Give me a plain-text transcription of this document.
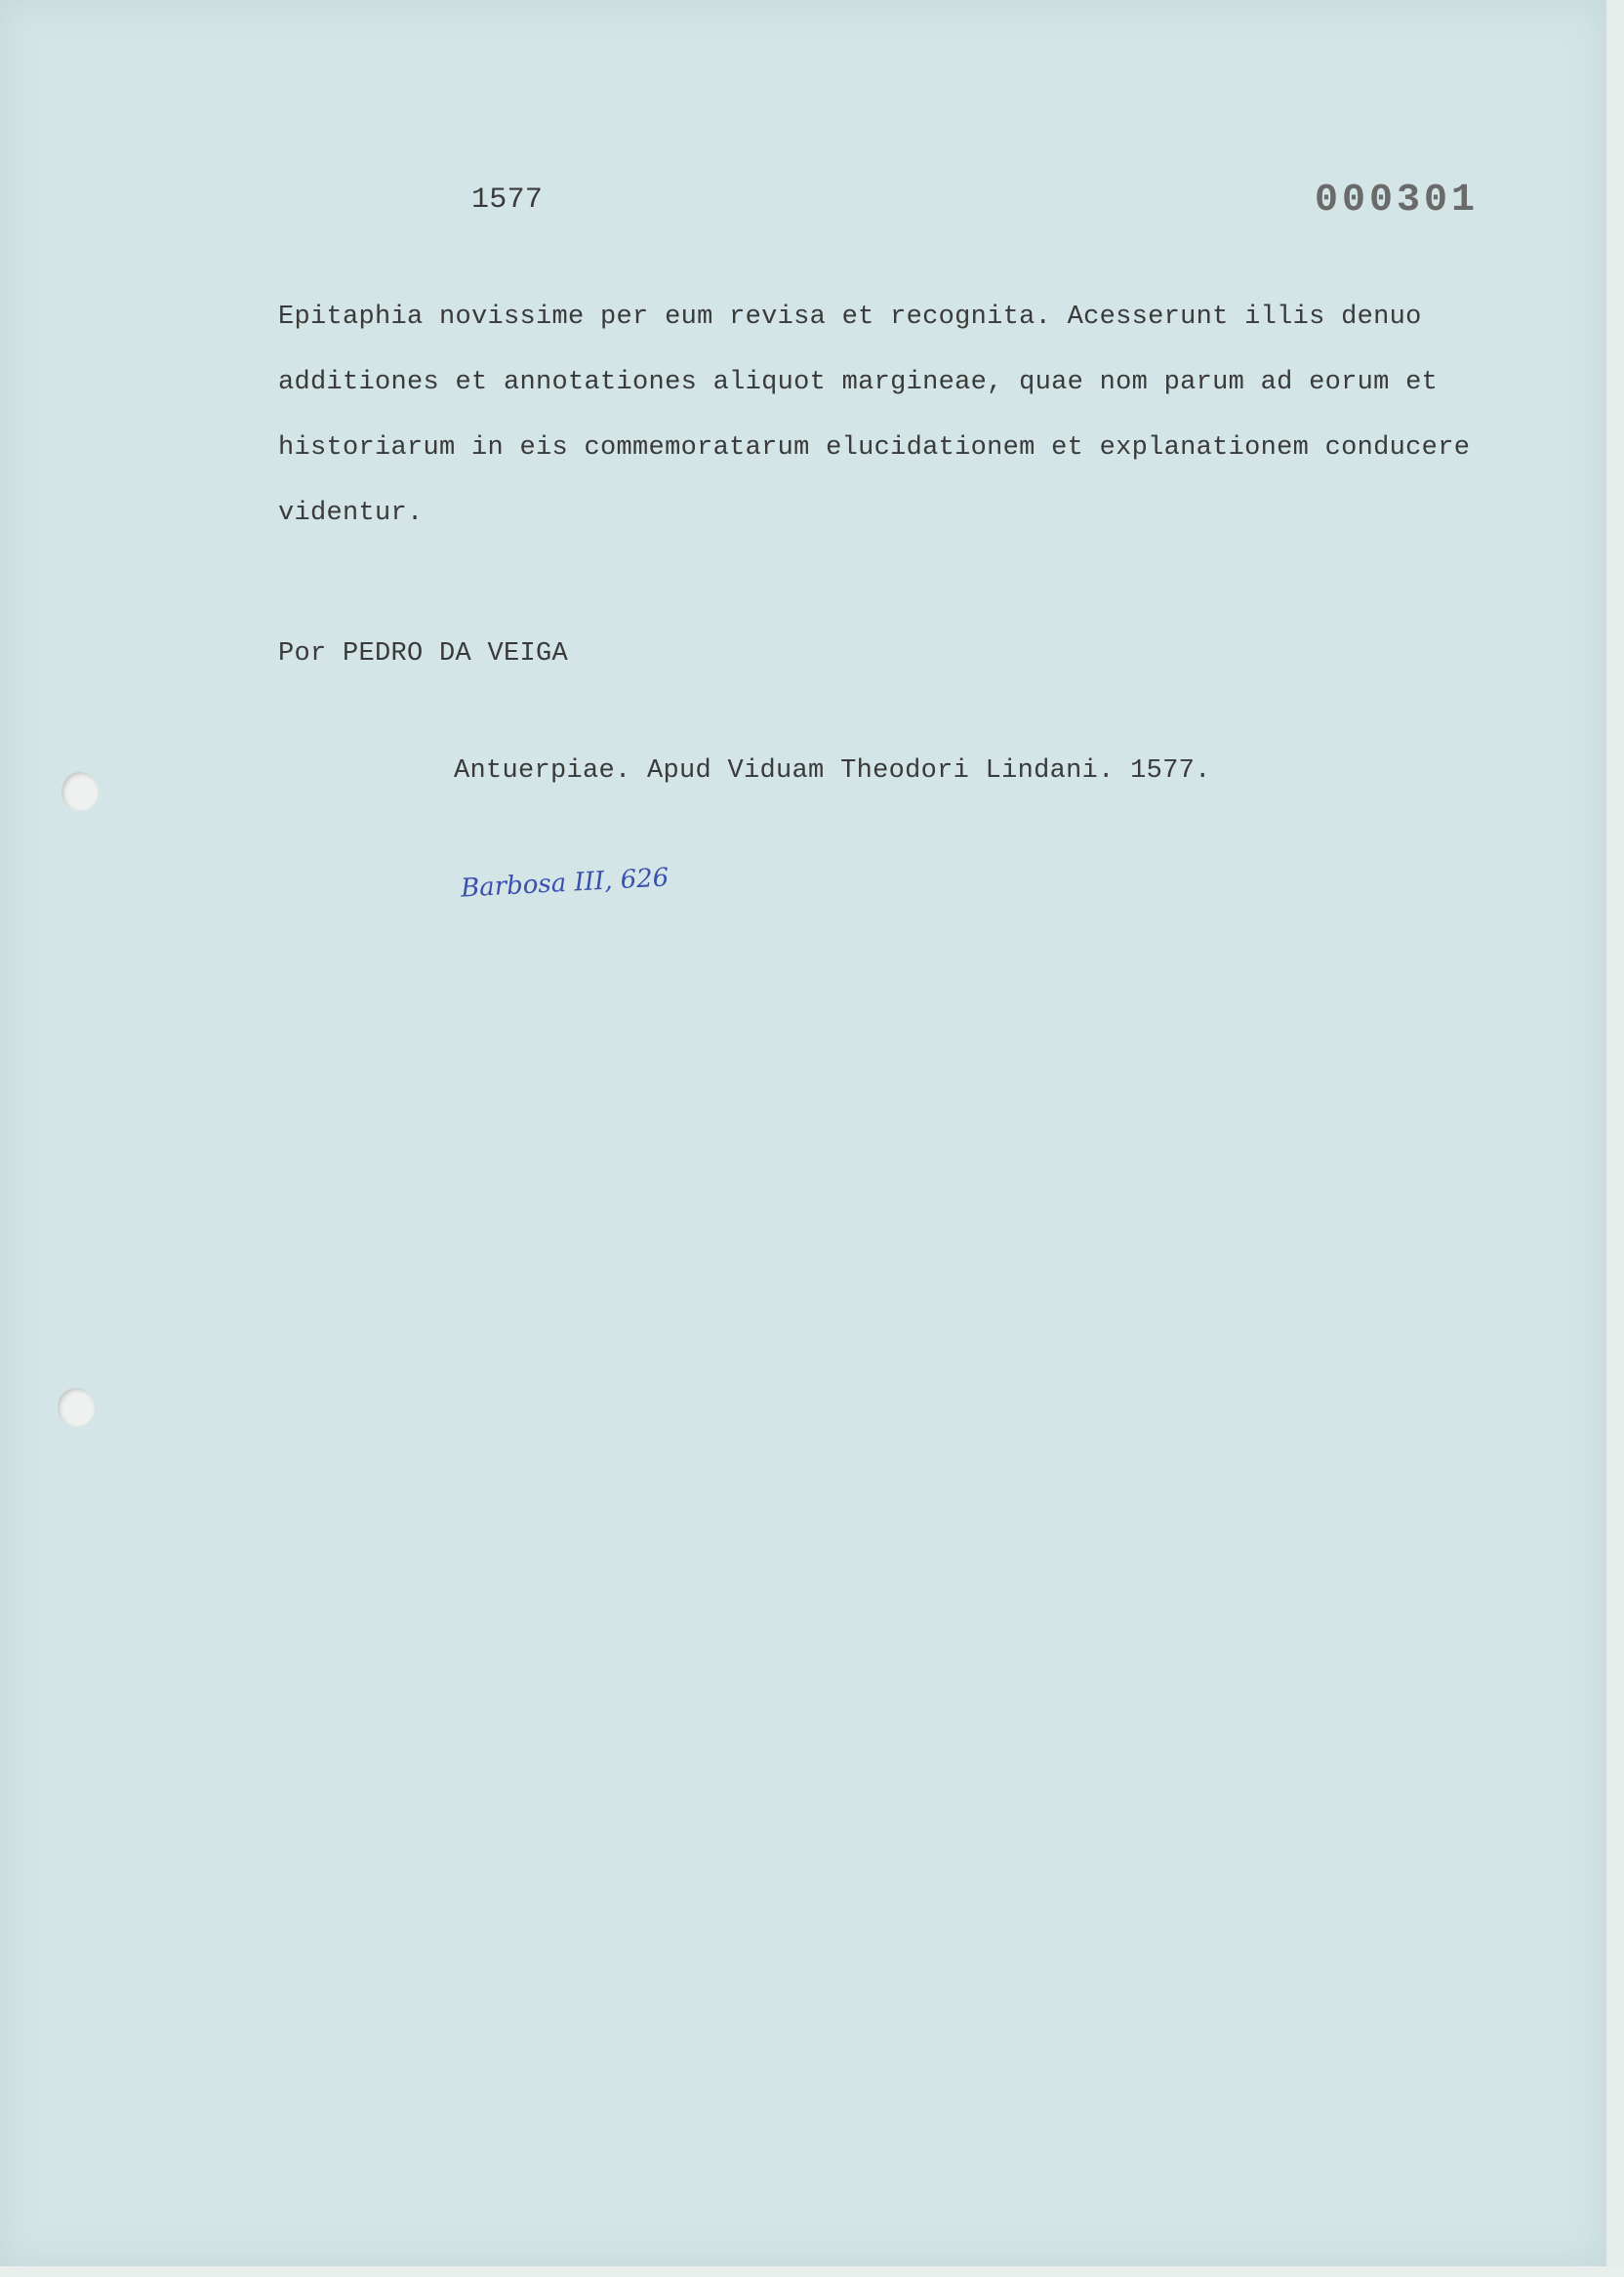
1577	000301
Epitaphia novissime per eum revisa et recognita. Acesserunt illis denuo
additiones et annotationes aliquot margineae, quae nom parum ad eorum et
historiarum in eis commemoratarum elucidationem et explanationem conducere
videntur.
Por PEDRO DA VEIGA
Antuerpiae. Apud Viduam Theodori Lindani. 1577.
Barbosa III, 626
